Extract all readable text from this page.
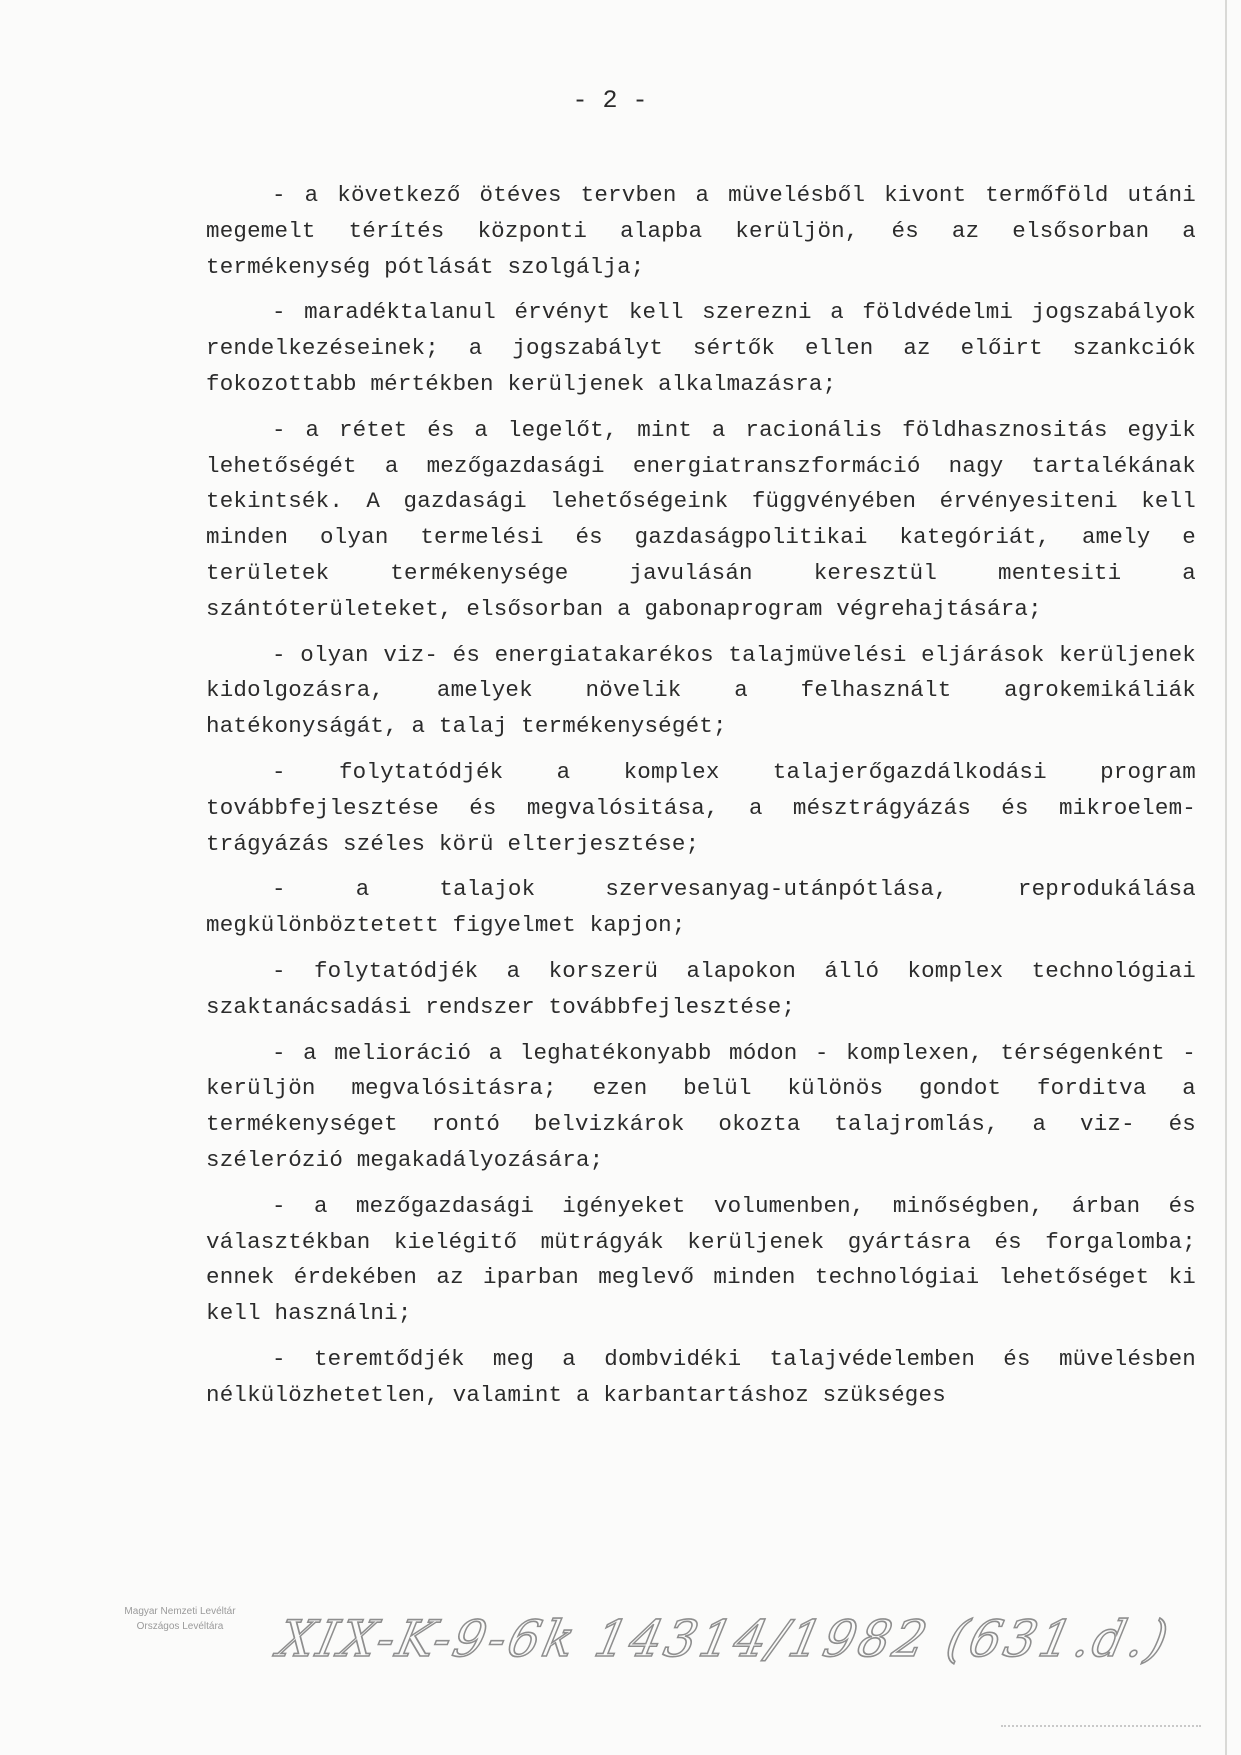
- 2 -

- a következő ötéves tervben a müvelésből kivont termőföld utáni megemelt térítés központi alapba kerüljön, és az elsősorban a termékenység pótlását szolgálja;

- maradéktalanul érvényt kell szerezni a földvédelmi jogszabályok rendelkezéseinek; a jogszabályt sértők ellen az előirt szankciók fokozottabb mértékben kerüljenek alkalmazásra;

- a rétet és a legelőt, mint a racionális földhasznositás egyik lehetőségét a mezőgazdasági energiatranszformáció nagy tartalékának tekintsék. A gazdasági lehetőségeink függvényében érvényesiteni kell minden olyan termelési és gazdaságpolitikai kategóriát, amely e területek termékenysége javulásán keresztül mentesiti a szántóterületeket, elsősorban a gabonaprogram végrehajtására;

- olyan viz- és energiatakarékos talajmüvelési eljárások kerüljenek kidolgozásra, amelyek növelik a felhasznált agrokemikáliák hatékonyságát, a talaj termékenységét;

- folytatódjék a komplex talajerőgazdálkodási program továbbfejlesztése és megvalósitása, a mésztrágyázás és mikroelem-trágyázás széles körü elterjesztése;

- a talajok szervesanyag-utánpótlása, reprodukálása megkülönböztetett figyelmet kapjon;

- folytatódjék a korszerü alapokon álló komplex technológiai szaktanácsadási rendszer továbbfejlesztése;

- a melioráció a leghatékonyabb módon - komplexen, térségenként - kerüljön megvalósitásra; ezen belül különös gondot forditva a termékenységet rontó belvizkárok okozta talajromlás, a viz- és szélerózió megakadályozására;

- a mezőgazdasági igényeket volumenben, minőségben, árban és választékban kielégitő mütrágyák kerüljenek gyártásra és forgalomba; ennek érdekében az iparban meglevő minden technológiai lehetőséget ki kell használni;

- teremtődjék meg a dombvidéki talajvédelemben és müvelésben nélkülözhetetlen, valamint a karbantartáshoz szükséges

Magyar Nemzeti Levéltár
Országos Levéltára XIX-K-9-6k 14314/1982 (631.d.)
